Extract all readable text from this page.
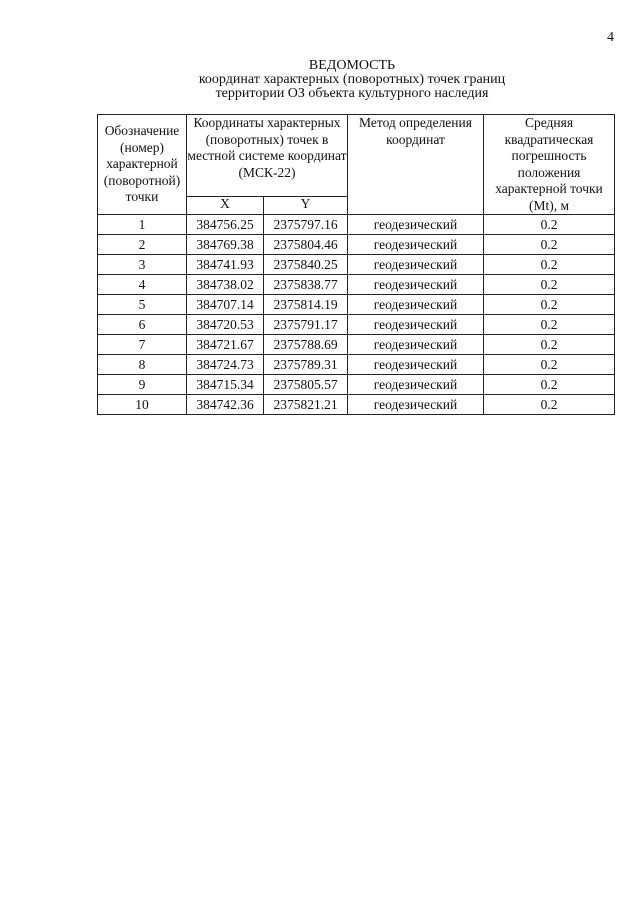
4
ВЕДОМОСТЬ
координат характерных (поворотных) точек границ
территории ОЗ объекта культурного наследия
Обозначение (номер) характерной (поворотной) точки	Координаты характерных (поворотных) точек в местной системе координат (МСК-22)		Метод определения координат	Средняя квадратическая погрешность положения характерной точки (Mt), м
	X	Y		
1	384756.25	2375797.16	геодезический	0.2
2	384769.38	2375804.46	геодезический	0.2
3	384741.93	2375840.25	геодезический	0.2
4	384738.02	2375838.77	геодезический	0.2
5	384707.14	2375814.19	геодезический	0.2
6	384720.53	2375791.17	геодезический	0.2
7	384721.67	2375788.69	геодезический	0.2
8	384724.73	2375789.31	геодезический	0.2
9	384715.34	2375805.57	геодезический	0.2
10	384742.36	2375821.21	геодезический	0.2
